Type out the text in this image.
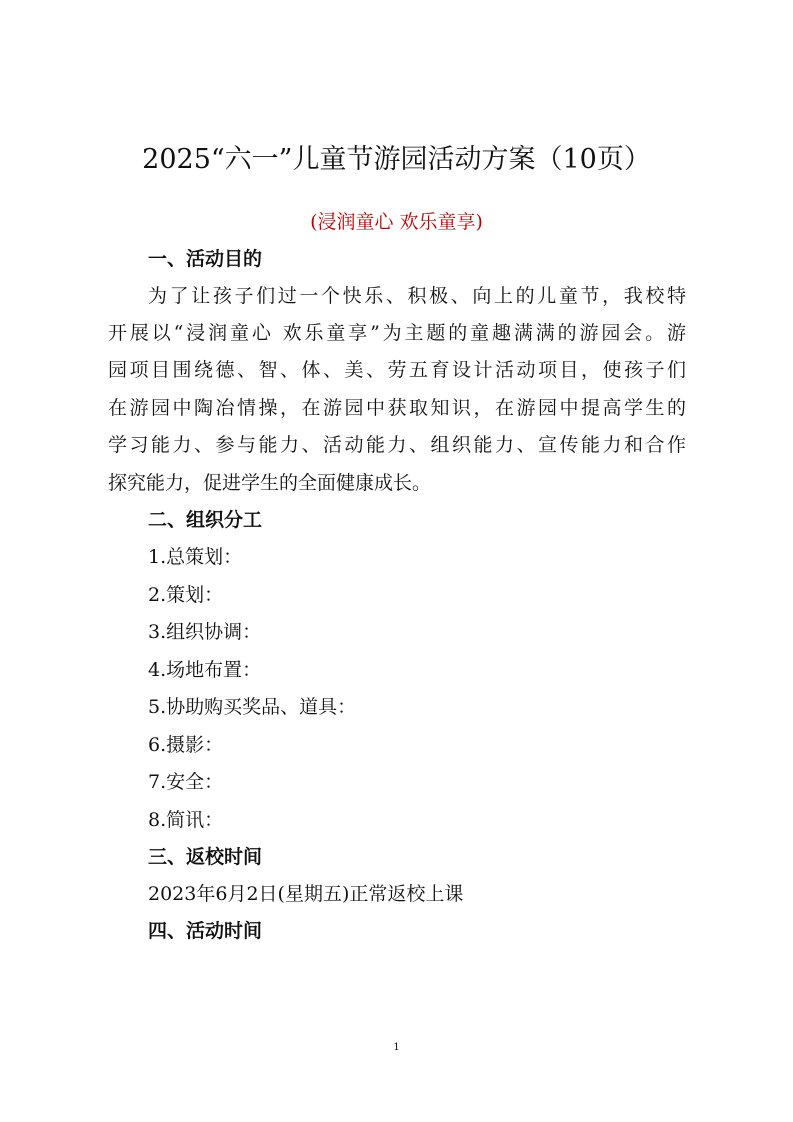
2025“六一”儿童节游园活动方案（10页）
(浸润童心 欢乐童享)
一、活动目的
为了让孩子们过一个快乐、积极、向上的儿童节，我校特
开展以“浸润童心 欢乐童享”为主题的童趣满满的游园会。游
园项目围绕德、智、体、美、劳五育设计活动项目，使孩子们
在游园中陶冶情操，在游园中获取知识，在游园中提高学生的
学习能力、参与能力、活动能力、组织能力、宣传能力和合作
探究能力，促进学生的全面健康成长。
二、组织分工
1.总策划：
2.策划：
3.组织协调：
4.场地布置：
5.协助购买奖品、道具：
6.摄影：
7.安全：
8.简讯：
三、返校时间
2023年6月2日(星期五)正常返校上课
四、活动时间
1
